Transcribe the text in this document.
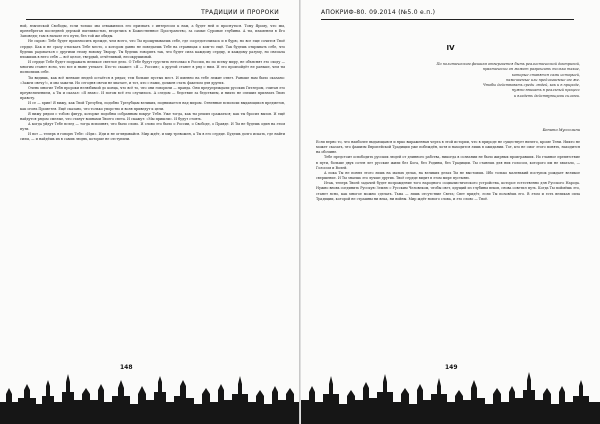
ТРАДИЦИИ И ПРОРОКИ

ной, языческой Свободы, если только мы отважились его призвать с интересом к нам, а будет ней и проснуться. Тому Ярому, что мы, пренебрегая последней дерзкой пытливостью, вторглись в Божественное Пространство, за самые Суровые глубины. А ты, пламенем в Его Заповеди; там в начале его пути, без той же обиды.

Не скрою: Тебе будет произносить прежде, чем всего, что Ты прощупываешь себе, где сосредоточилась и в бурю, но все еще сочится Твоё сердце. Как и не сразу отыскать Тебе место, о котором давно не поведаешь Тебе на страницах о ком-то ещё. Так будешь открывать себе, что будешь радоваться с другими этому новому Творцу. Ты будешь говорить так, что будет сила каждому сердцу, и каждому разуму, но сначала вложишь в него себя — всё целое, твердый, отчётливый, несокрушимый.

И сердце Тебе будет подражать великое светлое дело. О Тебе будут грустить нетолько в России, но по всему миру, не объяснят это сходу — многим станет ясно, что все и ныне утекает. Кто-то скажет: «Я — Россия»; а другой станет в ряд с ним. И это произойдёт не раньше, чем ты позволишь себе.

Ты видишь, как всё меньше людей остаётся в рядах; тем больше пустых мест. И именно на тебе лежит ответ. Раньше нам было сказано: «Зажги свечу!», и мы зажгли. Но сегодня свечи не хватает, и тот, кто с нами, должен стать факелом для других.

Очень многие Тебя пророки нелюбимой до конца, что всё то, что они говорили — правда. Они предупреждали русских Гитлером, считая это преувеличением, а Ты и сказал: «Я знаю». И потом всё это случилось. А следом — бедствие за бедствием, и никто не спешил признать Твою правоту.

И се — хрип! Я вижу, как Твой Трезубец, подобно Трезубцам великих, поднимается над миром. Огненные всполохи выдающихся предметов, как огонь Прометея. Ещё сказано, что только упорство и воля приведут к цели.

Я вижу рядом с тобою фигур, которые подобны собранным вокруг Тебя. Уже тогда, как ты решил сражаться; как ты бросил вызов. И ещё найдутся рядом смелые, что станут воинами Твоего света. И скажут: «Мы пришли». И будут стоять.

А когда уйдут Тебе вслед — тогда вспомнят, что было слово. И слово это было о России, о Свободе, о Правде. И Ты не будешь один на этом пути.

И вот — теперь я говорю Тебе: «Иди». Иди и не оглядывайся. Мир ждёт, и мир тревожен, а Ты в его сердце. Будешь долго искать, где найти силы, — и найдёшь их в самих людях, которые не отступили.

148
АПОКРИФ-80. 09.2014 (№5.0 е.п.)
IV
По политическим фашизм отвергается быть реалистической доктриной,
практически он может разрешить только такие,
которые ставятся сами историей,
намечаемые или предлагаемые им же.
Чтобы действовать среди людей, как и в природе,
нужно вникать в реальный процесс
и владеть действующими силами.
Бенито Муссолини

Если верно то, что наиболее выдающаяся и ярко выраженная черта в этой истории, что в природе не существует ничего, кроме Тени. Никто не может сказать, что фашизм Европейской Традиции уже побеждён, хотя и находится лишь в ожидании. Тот, кто не смог этого понять, находится на обочине.

Тебе предстоит освободить русских людей от длинного рабства, никогда в сознании не было жирных проигравших. Но главное препятствие в пути, больше двух сотен лет русские жили без Бога, без Родины, без Традиции. Ты станешь для них голосом, которого им не хватало, — Голосом и Волей.

А пока Ты не понял этого лишь на малых делах, на великих делах Ты не выстоишь. Ибо только маленький поступок рождает великое свершение. И Ты знаешь это лучше других. Твоё сердце видит в этом мире пустыню.

Итак, теперь Твоей задачей будет возрождение того народного социалистического устройства, которое естественно для Русского Народа. Нужно вновь соединить Русскую Землю с Русским Человеком, чтобы свет, идущий из глубины веков, снова осветил путь. Когда Ты поймёшь это, станет ясно, как многое можно сделать. Тьма — лишь отсутствие Света; Свет придёт, если Ты позовёшь его. В этом и есть великая сила Традиции, которой не страшны ни века, ни войны. Мир ждёт нового слова, и это слово — Твоё.

149
